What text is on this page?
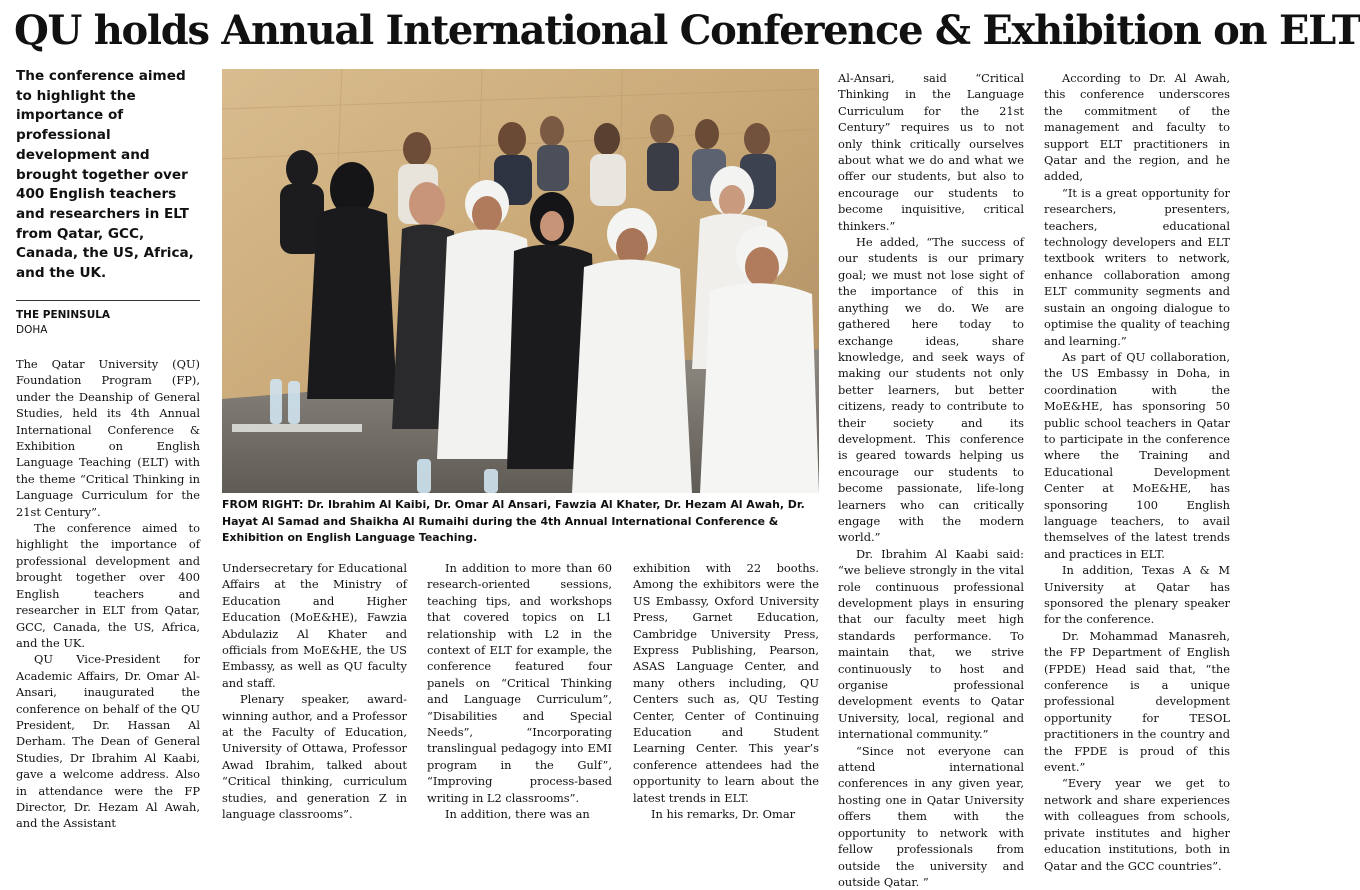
QU holds Annual International Conference & Exhibition on ELT
The conference aimed to highlight the importance of professional development and brought together over 400 English teachers and researchers in ELT from Qatar, GCC, Canada, the US, Africa, and the UK.
THE PENINSULA
DOHA

The Qatar University (QU) Foundation Program (FP), under the Deanship of General Studies, held its 4th Annual International Conference & Exhibition on English Language Teaching (ELT) with the theme “Critical Thinking in Language Curriculum for the 21st Century”.

The conference aimed to highlight the importance of professional development and brought together over 400 English teachers and researcher in ELT from Qatar, GCC, Canada, the US, Africa, and the UK.

QU Vice-President for Academic Affairs, Dr. Omar Al-Ansari, inaugurated the conference on behalf of the QU President, Dr. Hassan Al Derham. The Dean of General Studies, Dr Ibrahim Al Kaabi, gave a welcome address. Also in attendance were the FP Director, Dr. Hezam Al Awah, and the Assistant

FROM RIGHT: Dr. Ibrahim Al Kaibi, Dr. Omar Al Ansari, Fawzia Al Khater, Dr. Hezam Al Awah, Dr. Hayat Al Samad and Shaikha Al Rumaihi during the 4th Annual International Conference & Exhibition on English Language Teaching.

Undersecretary for Educational Affairs at the Ministry of Education and Higher Education (MoE&HE), Fawzia Abdulaziz Al Khater and officials from MoE&HE, the US Embassy, as well as QU faculty and staff.

Plenary speaker, award-winning author, and a Professor at the Faculty of Education, University of Ottawa, Professor Awad Ibrahim, talked about “Critical thinking, curriculum studies, and generation Z in language classrooms”.

In addition to more than 60 research-oriented sessions, teaching tips, and workshops that covered topics on L1 relationship with L2 in the context of ELT for example, the conference featured four panels on “Critical Thinking and Language Curriculum”, “Disabilities and Special Needs”, “Incorporating translingual pedagogy into EMI program in the Gulf”, “Improving process-based writing in L2 classrooms”.

In addition, there was an

exhibition with 22 booths. Among the exhibitors were the US Embassy, Oxford University Press, Garnet Education, Cambridge University Press, Express Publishing, Pearson, ASAS Language Center, and many others including, QU Centers such as, QU Testing Center, Center of Continuing Education and Student Learning Center. This year’s conference attendees had the opportunity to learn about the latest trends in ELT.

In his remarks, Dr. Omar

Al-Ansari, said “Critical Thinking in the Language Curriculum for the 21st Century” requires us to not only think critically ourselves about what we do and what we offer our students, but also to encourage our students to become inquisitive, critical thinkers.”

He added, “The success of our students is our primary goal; we must not lose sight of the importance of this in anything we do. We are gathered here today to exchange ideas, share knowledge, and seek ways of making our students not only better learners, but better citizens, ready to contribute to their society and its development. This conference is geared towards helping us encourage our students to become passionate, life-long learners who can critically engage with the modern world.”

Dr. Ibrahim Al Kaabi said: “we believe strongly in the vital role continuous professional development plays in ensuring that our faculty meet high standards performance. To maintain that, we strive continuously to host and organise professional development events to Qatar University, local, regional and international community.”

“Since not everyone can attend international conferences in any given year, hosting one in Qatar University offers them with the opportunity to network with fellow professionals from outside the university and outside Qatar. ”

According to Dr. Al Awah, this conference underscores the commitment of the management and faculty to support ELT practitioners in Qatar and the region, and he added,

“It is a great opportunity for researchers, presenters, teachers, educational technology developers and ELT textbook writers to network, enhance collaboration among ELT community segments and sustain an ongoing dialogue to optimise the quality of teaching and learning.”

As part of QU collaboration, the US Embassy in Doha, in coordination with the MoE&HE, has sponsoring 50 public school teachers in Qatar to participate in the conference where the Training and Educational Development Center at MoE&HE, has sponsoring 100 English language teachers, to avail themselves of the latest trends and practices in ELT.

In addition, Texas A & M University at Qatar has sponsored the plenary speaker for the conference.

Dr. Mohammad Manasreh, the FP Department of English (FPDE) Head said that, “the conference is a unique professional development opportunity for TESOL practitioners in the country and the FPDE is proud of this event.”

“Every year we get to network and share experiences with colleagues from schools, private institutes and higher education institutions, both in Qatar and the GCC countries”.
